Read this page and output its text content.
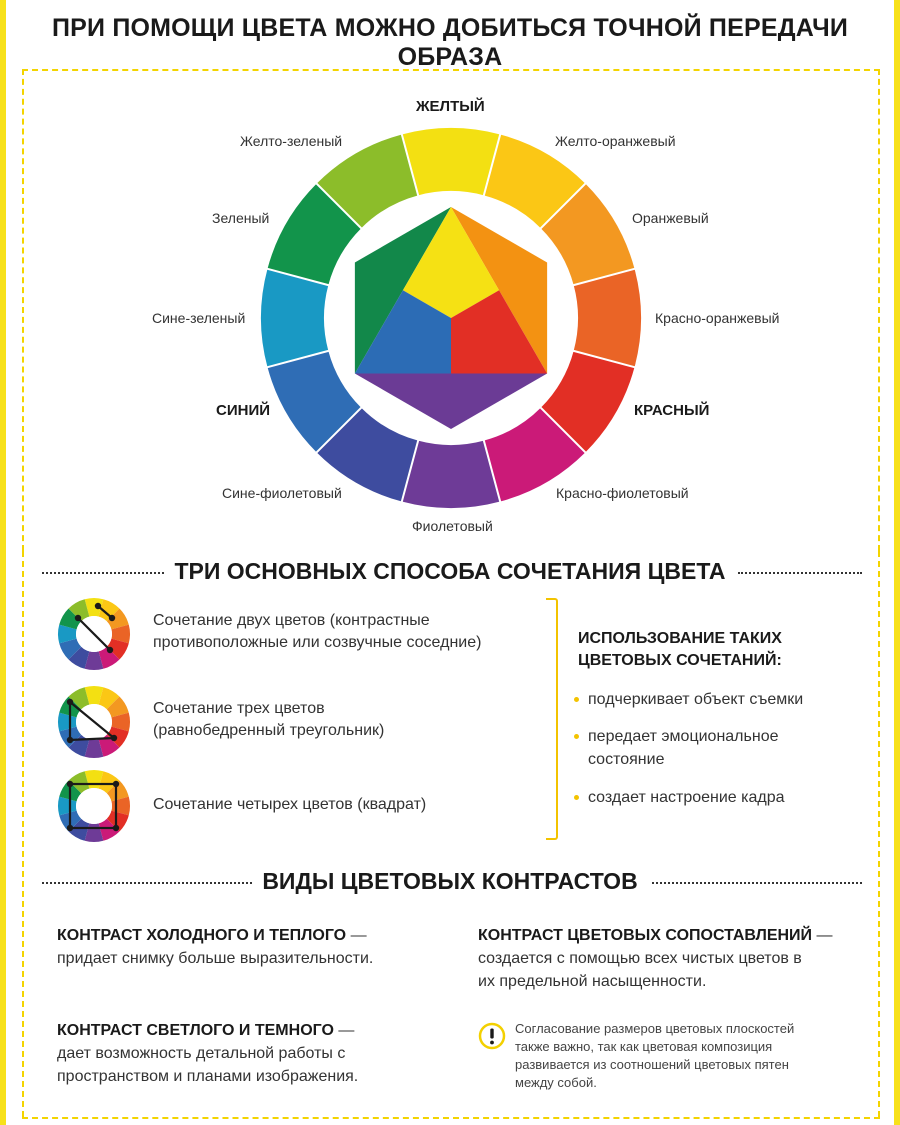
ПРИ ПОМОЩИ ЦВЕТА МОЖНО ДОБИТЬСЯ ТОЧНОЙ ПЕРЕДАЧИ ОБРАЗА
ЖЕЛТЫЙ
Желто-оранжевый
Оранжевый
Красно-оранжевый
КРАСНЫЙ
Красно-фиолетовый
Фиолетовый
Сине-фиолетовый
СИНИЙ
Сине-зеленый
Зеленый
Желто-зеленый
ТРИ ОСНОВНЫХ СПОСОБА СОЧЕТАНИЯ ЦВЕТА
Сочетание двух цветов (контрастные
противоположные или созвучные соседние)
Сочетание трех цветов
(равнобедренный треугольник)
Сочетание четырех цветов (квадрат)
ИСПОЛЬЗОВАНИЕ ТАКИХ
ЦВЕТОВЫХ СОЧЕТАНИЙ:
подчеркивает объект съемки
передает эмоциональное
состояние
создает настроение кадра
ВИДЫ ЦВЕТОВЫХ КОНТРАСТОВ
КОНТРАСТ ХОЛОДНОГО И ТЕПЛОГО —
придает снимку больше выразительности.
КОНТРАСТ ЦВЕТОВЫХ СОПОСТАВЛЕНИЙ —
создается с помощью всех чистых цветов в
их предельной насыщенности.
КОНТРАСТ СВЕТЛОГО И ТЕМНОГО —
дает возможность детальной работы с
пространством и планами изображения.
Согласование размеров цветовых плоскостей
также важно, так как цветовая композиция
развивается из соотношений цветовых пятен
между собой.
